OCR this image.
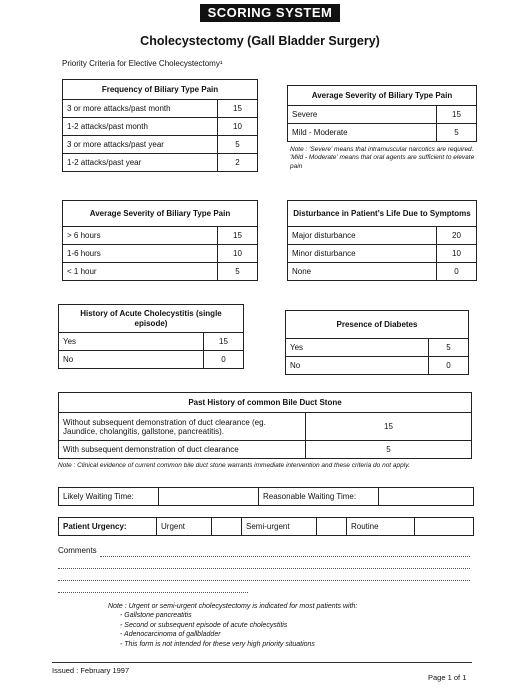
SCORING SYSTEM
Cholecystectomy (Gall Bladder Surgery)
Priority Criteria for Elective Cholecystectomy¹
Frequency of Biliary Type Pain	
3 or more attacks/past month	15
1-2 attacks/past month	10
3 or more attacks/past year	5
1-2 attacks/past year	2
Average Severity of Biliary Type Pain	
Severe	15
Mild - Moderate	5
Note : 'Severe' means that intramuscular narcotics are required. 'Mild - Moderate' means that oral agents are sufficient to elevate pain
Average Severity of Biliary Type Pain	
> 6 hours	15
1-6 hours	10
< 1 hour	5
Disturbance in Patient's Life Due to Symptoms	
Major disturbance	20
Minor disturbance	10
None	0
History of Acute Cholecystitis (single episode)	
Yes	15
No	0
Presence of Diabetes	
Yes	5
No	0
Past History of common Bile Duct Stone	
Without subsequent demonstration of duct clearance (eg. Jaundice, cholangitis, gallstone, pancreatitis).	15
With subsequent demonstration of duct clearance	5
Note : Clinical evidence of current common bile duct stone warrants immediate intervention and these criteria do not apply.
Likely Waiting Time:		Reasonable Waiting Time:	
Patient Urgency:	Urgent		Semi-urgent		Routine	
Comments
Note : Urgent or semi-urgent cholecystectomy is indicated for most patients with:
- Gallstone pancreatitis
- Second or subsequent episode of acute cholecystitis
- Adenocarcinoma of gallbladder
- This form is not intended for these very high priority situations
Issued : February 1997
Page 1 of 1
